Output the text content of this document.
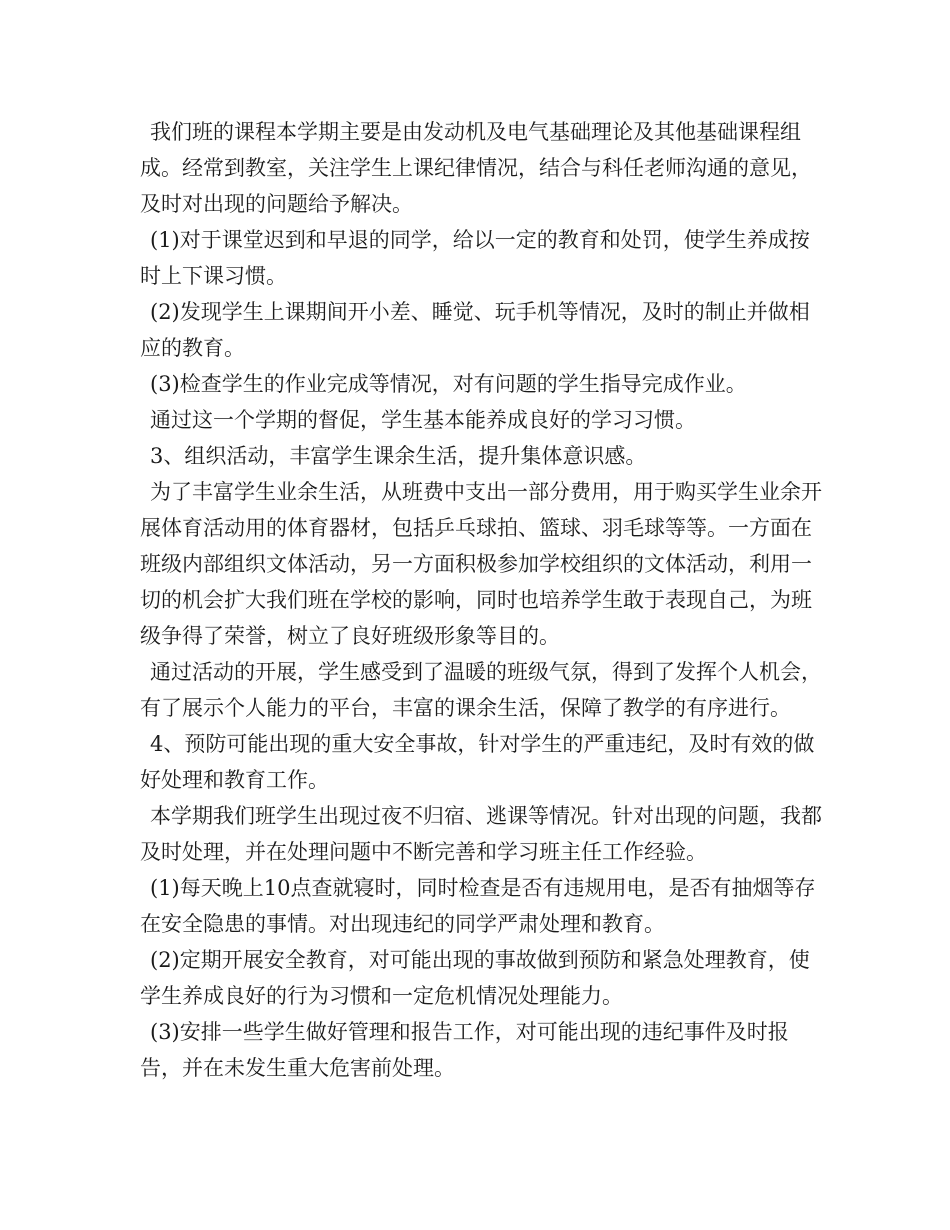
我们班的课程本学期主要是由发动机及电气基础理论及其他基础课程组成。经常到教室，关注学生上课纪律情况，结合与科任老师沟通的意见，及时对出现的问题给予解决。

(1)对于课堂迟到和早退的同学，给以一定的教育和处罚，使学生养成按时上下课习惯。

(2)发现学生上课期间开小差、睡觉、玩手机等情况，及时的制止并做相应的教育。

(3)检查学生的作业完成等情况，对有问题的学生指导完成作业。

通过这一个学期的督促，学生基本能养成良好的学习习惯。

3、组织活动，丰富学生课余生活，提升集体意识感。

为了丰富学生业余生活，从班费中支出一部分费用，用于购买学生业余开展体育活动用的体育器材，包括乒乓球拍、篮球、羽毛球等等。一方面在班级内部组织文体活动，另一方面积极参加学校组织的文体活动，利用一切的机会扩大我们班在学校的影响，同时也培养学生敢于表现自己，为班级争得了荣誉，树立了良好班级形象等目的。

通过活动的开展，学生感受到了温暖的班级气氛，得到了发挥个人机会，有了展示个人能力的平台，丰富的课余生活，保障了教学的有序进行。

4、预防可能出现的重大安全事故，针对学生的严重违纪，及时有效的做好处理和教育工作。

本学期我们班学生出现过夜不归宿、逃课等情况。针对出现的问题，我都及时处理，并在处理问题中不断完善和学习班主任工作经验。

(1)每天晚上10点查就寝时，同时检查是否有违规用电，是否有抽烟等存在安全隐患的事情。对出现违纪的同学严肃处理和教育。

(2)定期开展安全教育，对可能出现的事故做到预防和紧急处理教育，使学生养成良好的行为习惯和一定危机情况处理能力。

(3)安排一些学生做好管理和报告工作，对可能出现的违纪事件及时报告，并在未发生重大危害前处理。
